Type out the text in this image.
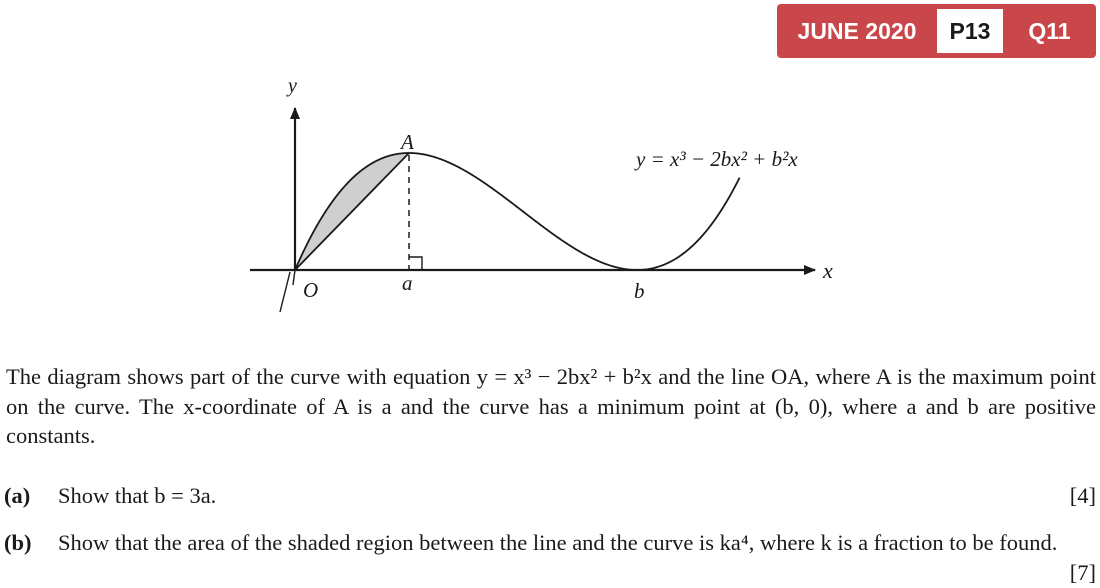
JUNE 2020	P13	Q11
y
x
O
A
a	b
y = x³ − 2bx² + b²x
The diagram shows part of the curve with equation y = x³ − 2bx² + b²x and the line OA, where A is the maximum point on the curve. The x-coordinate of A is a and the curve has a minimum point at (b, 0), where a and b are positive constants.
(a) Show that b = 3a.	[4]
(b) Show that the area of the shaded region between the line and the curve is ka⁴, where k is a fraction to be found.
[7]
